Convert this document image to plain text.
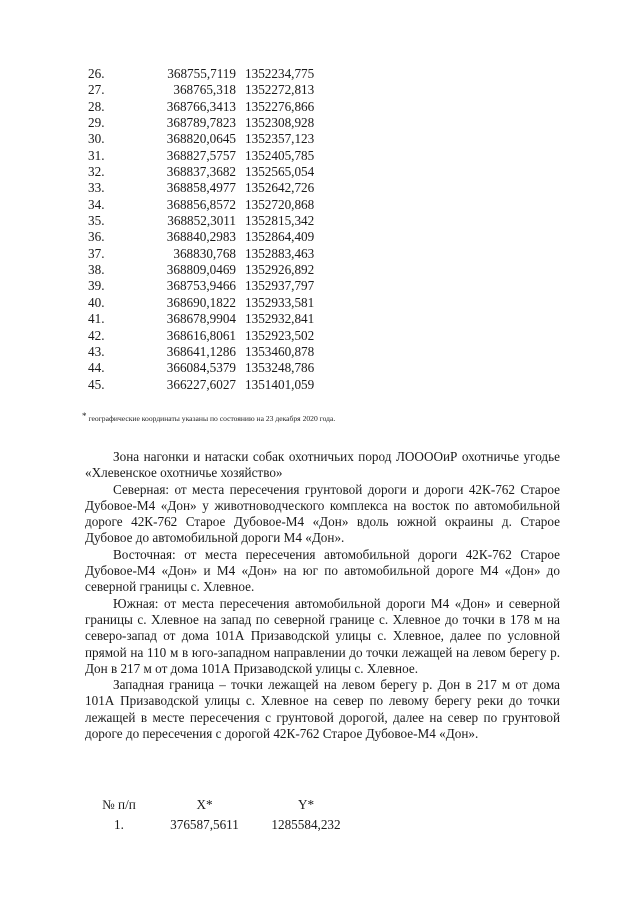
26.	368755,7119	1352234,775
27.	368765,318	1352272,813
28.	368766,3413	1352276,866
29.	368789,7823	1352308,928
30.	368820,0645	1352357,123
31.	368827,5757	1352405,785
32.	368837,3682	1352565,054
33.	368858,4977	1352642,726
34.	368856,8572	1352720,868
35.	368852,3011	1352815,342
36.	368840,2983	1352864,409
37.	368830,768	1352883,463
38.	368809,0469	1352926,892
39.	368753,9466	1352937,797
40.	368690,1822	1352933,581
41.	368678,9904	1352932,841
42.	368616,8061	1352923,502
43.	368641,1286	1353460,878
44.	366084,5379	1353248,786
45.	366227,6027	1351401,059
* географические координаты указаны по состоянию на 23 декабря 2020 года.

Зона нагонки и натаски собак охотничьих пород ЛООООиР охотничье угодье «Хлевенское охотничье хозяйство»

Северная: от места пересечения грунтовой дороги и дороги 42К-762 Старое Дубовое-М4 «Дон» у животноводческого комплекса на восток по автомобильной дороге 42К-762 Старое Дубовое-М4 «Дон» вдоль южной окраины д. Старое Дубовое до автомобильной дороги М4 «Дон».

Восточная: от места пересечения автомобильной дороги 42К-762 Старое Дубовое-М4 «Дон» и М4 «Дон» на юг по автомобильной дороге М4 «Дон» до северной границы с. Хлевное.

Южная: от места пересечения автомобильной дороги М4 «Дон» и северной границы с. Хлевное на запад по северной границе с. Хлевное до точки в 178 м на северо-запад от дома 101А Призаводской улицы с. Хлевное, далее по условной прямой на 110 м в юго-западном направлении до точки лежащей на левом берегу р. Дон в 217 м от дома 101А Призаводской улицы с. Хлевное.

Западная граница – точки лежащей на левом берегу р. Дон в 217 м от дома 101А Призаводской улицы с. Хлевное на север по левому берегу реки до точки лежащей в месте пересечения с грунтовой дорогой, далее на север по грунтовой дороге до пересечения с дорогой 42К-762 Старое Дубовое-М4 «Дон».

№ п/п	X*	Y*
1.	376587,5611	1285584,232
